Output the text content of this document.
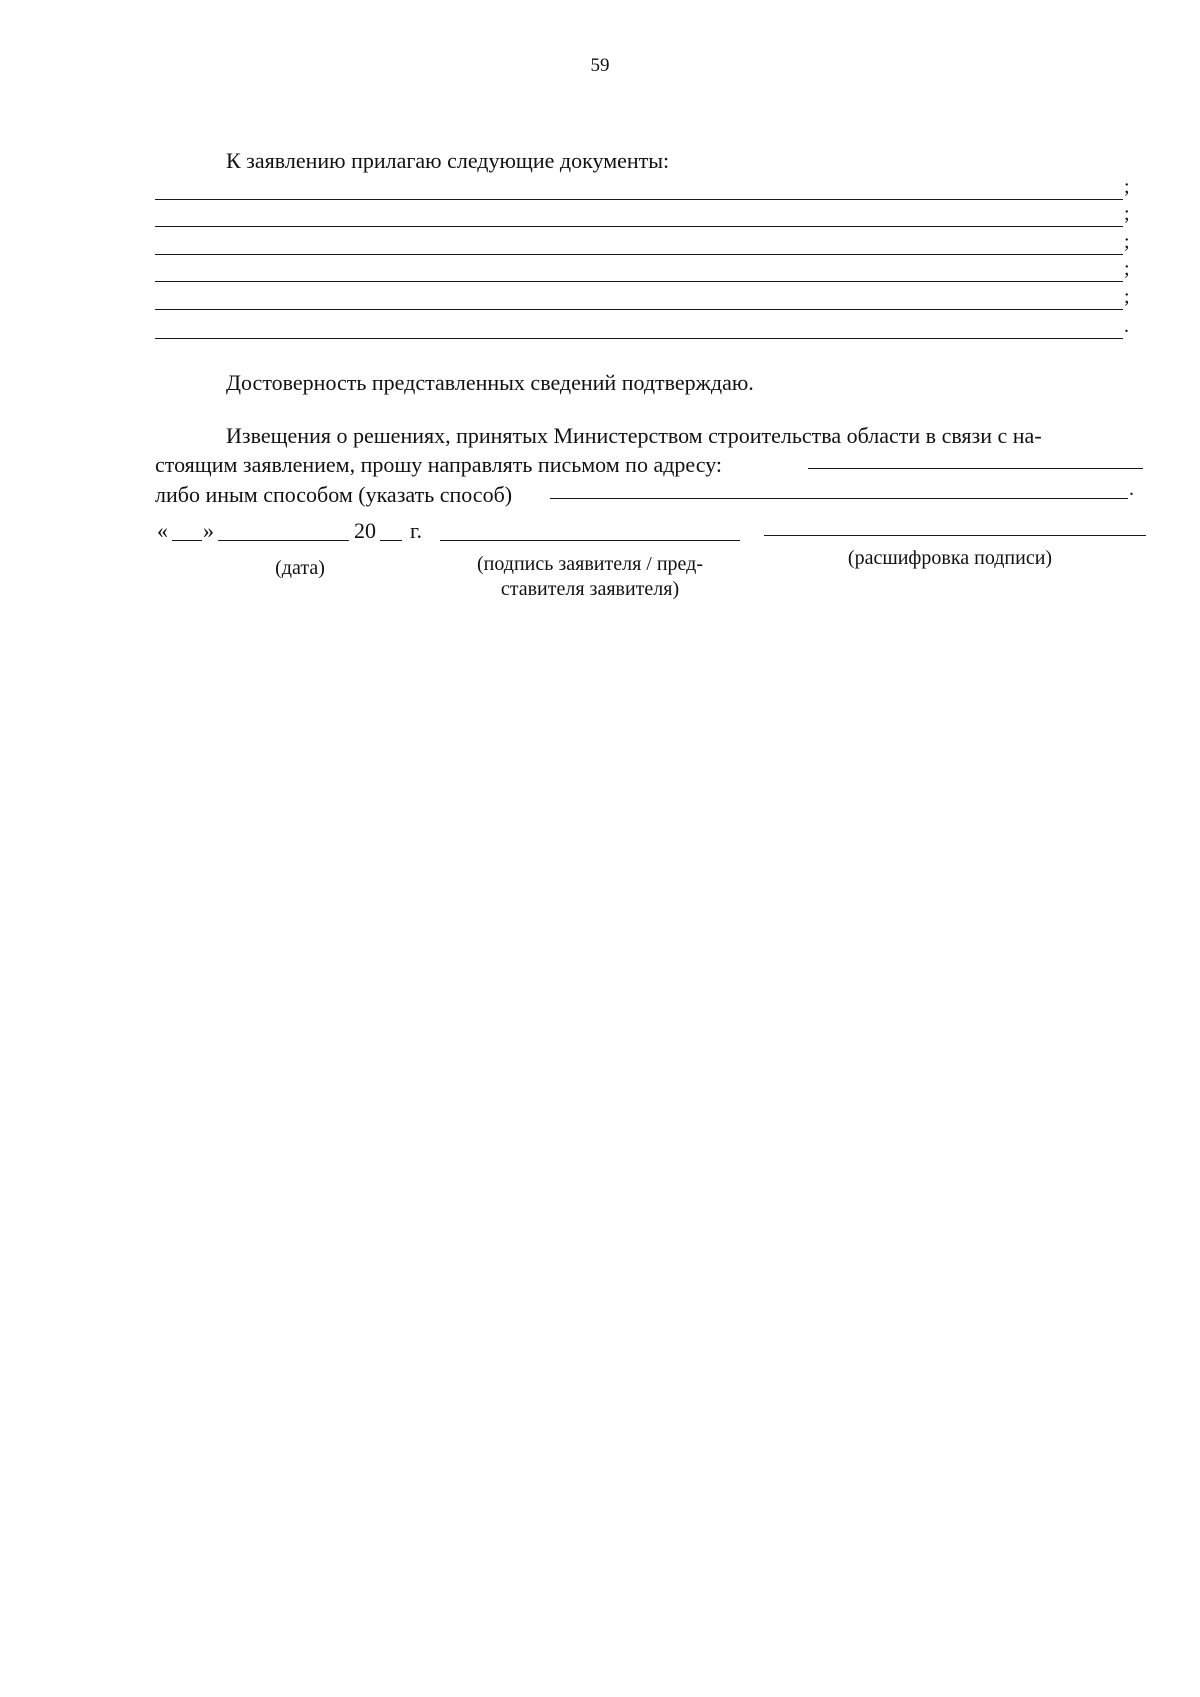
59
К заявлению прилагаю следующие документы:
;
;
;
;
;
.
Достоверность представленных сведений подтверждаю.
Извещения о решениях, принятых Министерством строительства области в связи с на-
стоящим заявлением, прошу направлять письмом по адресу:
либо иным способом (указать способ)	.
« »	20 г.
(дата)	(подпись заявителя / пред-
ставителя заявителя)
(расшифровка подписи)
